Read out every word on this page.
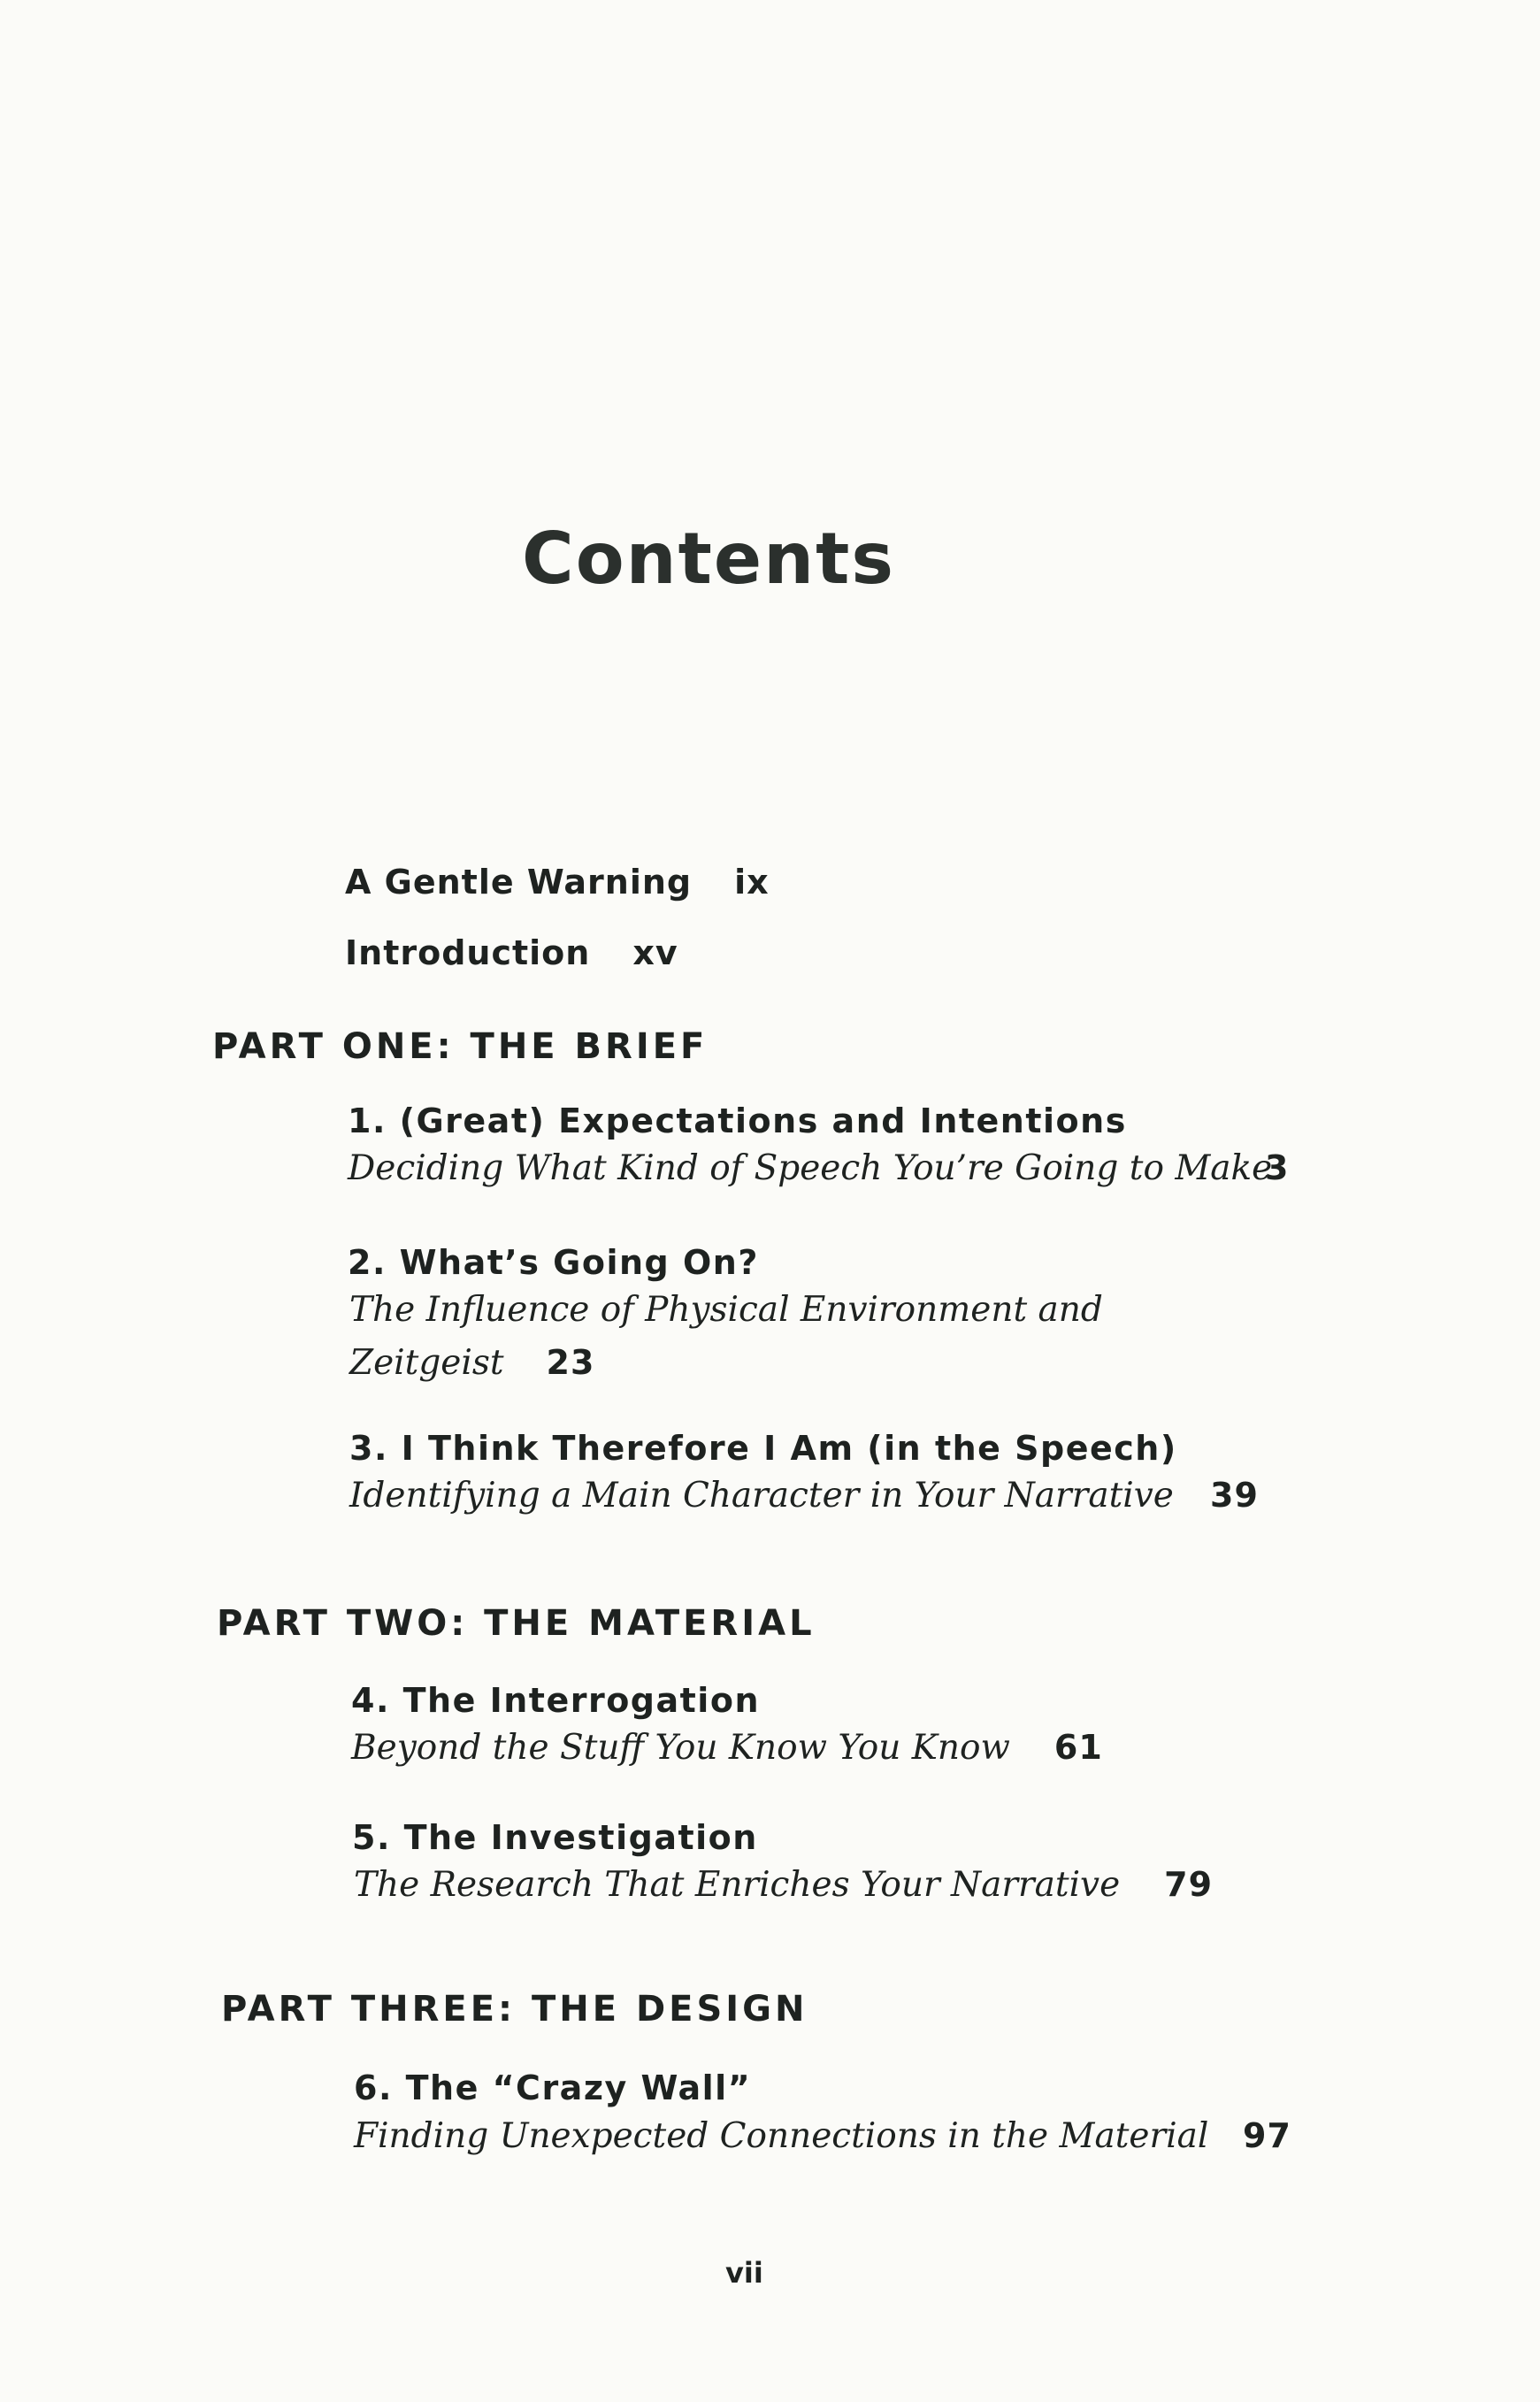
Contents
A Gentle Warning ix
Introduction xv
PART ONE: THE BRIEF
1. (Great) Expectations and Intentions
Deciding What Kind of Speech You’re Going to Make
3
2. What’s Going On?
The Influence of Physical Environment and
Zeitgeist 23
3. I Think Therefore I Am (in the Speech)
Identifying a Main Character in Your Narrative 39
PART TWO: THE MATERIAL
4. The Interrogation
Beyond the Stuff You Know You Know 61
5. The Investigation
The Research That Enriches Your Narrative 79
PART THREE: THE DESIGN
6. The “Crazy Wall”
Finding Unexpected Connections in the Material 97
vii
